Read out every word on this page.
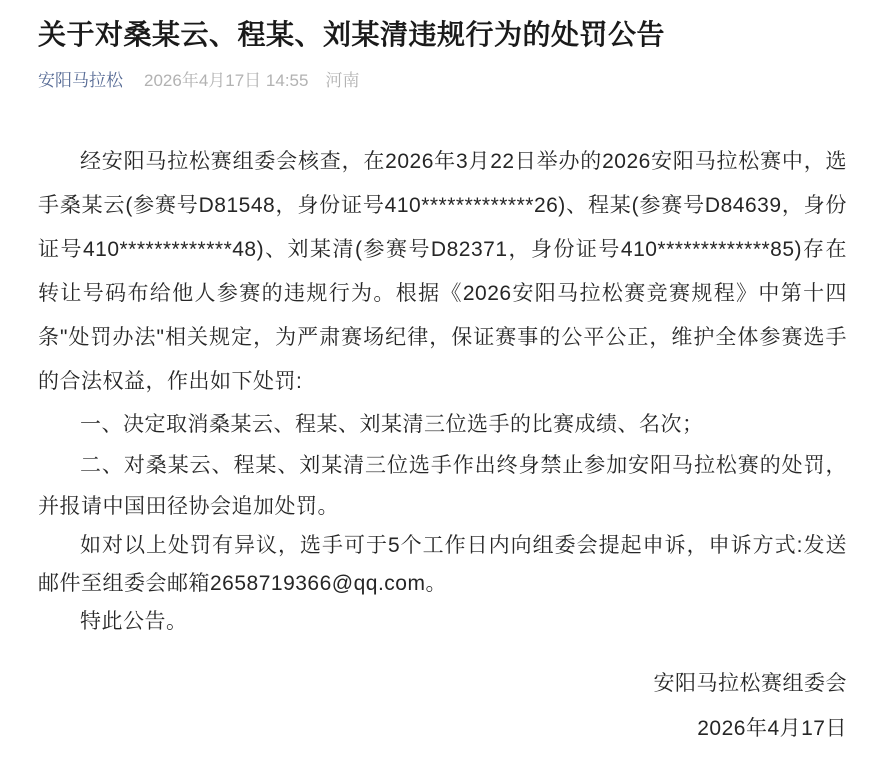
关于对桑某云、程某、刘某清违规行为的处罚公告
安阳马拉松 2026年4月17日 14:55 河南

经安阳马拉松赛组委会核查，在2026年3月22日举办的2026安阳马拉松赛中，选手桑某云(参赛号D81548，身份证号410*************26)、程某(参赛号D84639，身份证号410*************48)、刘某清(参赛号D82371，身份证号410*************85)存在转让号码布给他人参赛的违规行为。根据《2026安阳马拉松赛竞赛规程》中第十四条"处罚办法"相关规定，为严肃赛场纪律，保证赛事的公平公正，维护全体参赛选手的合法权益，作出如下处罚:

一、决定取消桑某云、程某、刘某清三位选手的比赛成绩、名次；

二、对桑某云、程某、刘某清三位选手作出终身禁止参加安阳马拉松赛的处罚，并报请中国田径协会追加处罚。

如对以上处罚有异议，选手可于5个工作日内向组委会提起申诉，申诉方式:发送邮件至组委会邮箱2658719366@qq.com。

特此公告。

安阳马拉松赛组委会

2026年4月17日
